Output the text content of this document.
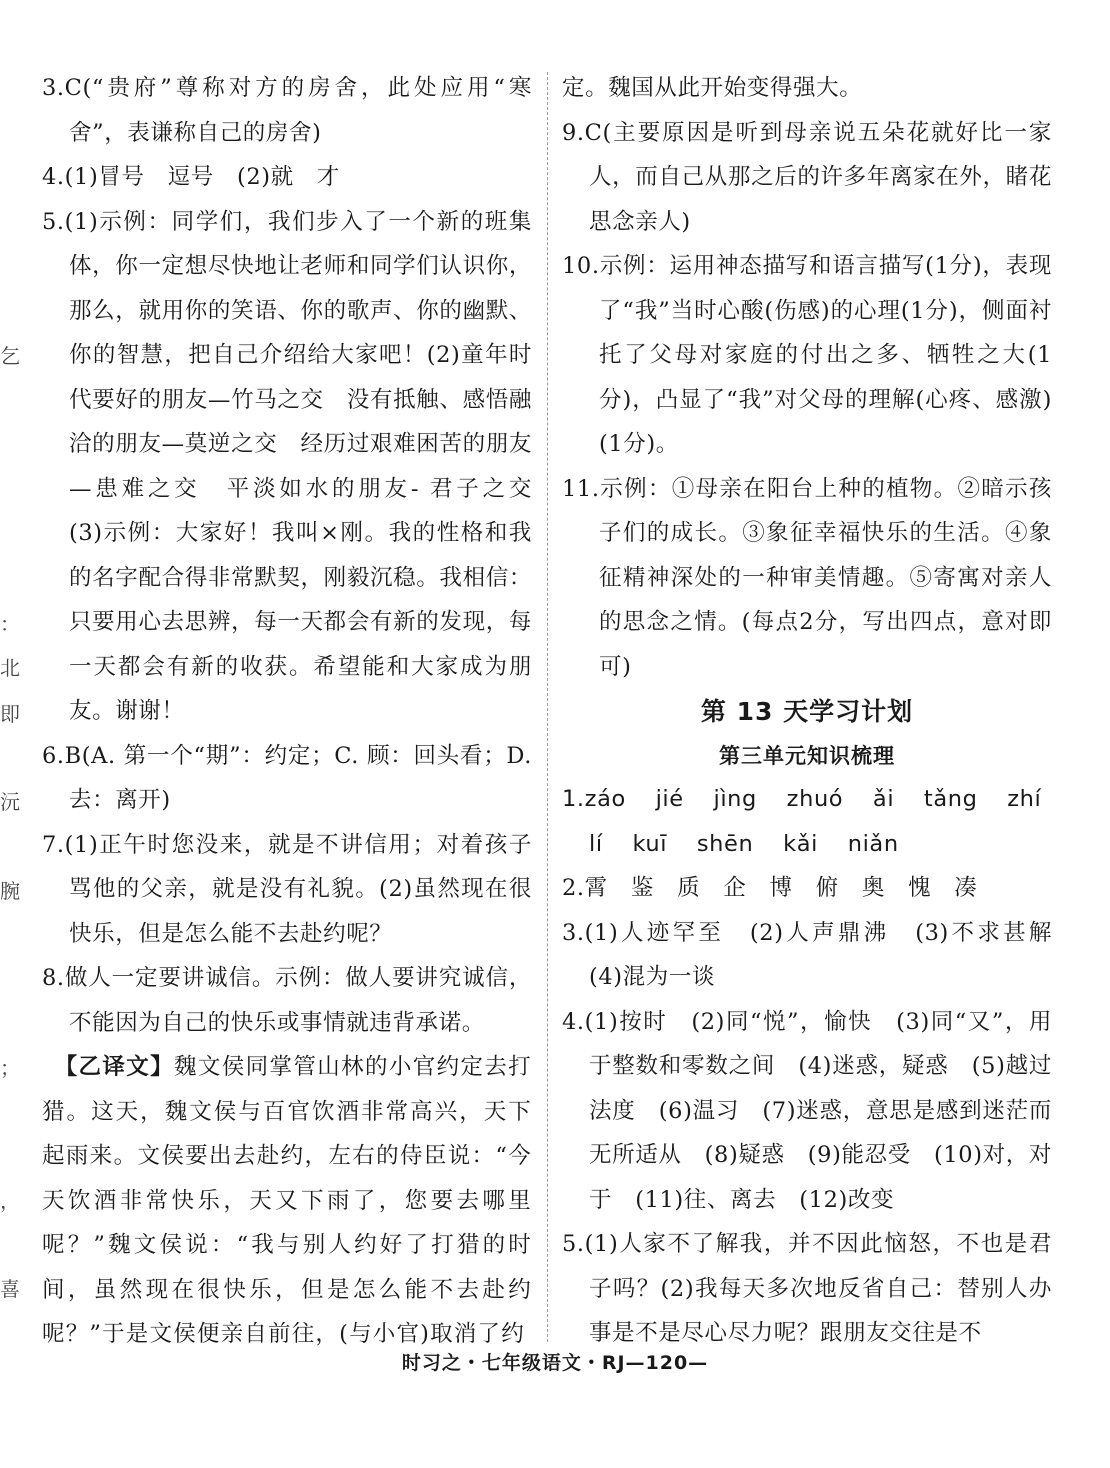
乞
：
北
即
沅
腕
；
，
喜

3.C(“贵府”尊称对方的房舍，此处应用“寒舍”，表谦称自己的房舍)

4.(1)冒号　逗号　(2)就　才

5.(1)示例：同学们，我们步入了一个新的班集体，你一定想尽快地让老师和同学们认识你，那么，就用你的笑语、你的歌声、你的幽默、你的智慧，把自己介绍给大家吧！(2)童年时代要好的朋友—竹马之交　没有抵触、感悟融洽的朋友—莫逆之交　经历过艰难困苦的朋友—患难之交　平淡如水的朋友- 君子之交　(3)示例：大家好！我叫×刚。我的性格和我的名字配合得非常默契，刚毅沉稳。我相信：只要用心去思辨，每一天都会有新的发现，每一天都会有新的收获。希望能和大家成为朋友。谢谢！

6.B(A. 第一个“期”：约定；C. 顾：回头看；D. 去：离开)

7.(1)正午时您没来，就是不讲信用；对着孩子骂他的父亲，就是没有礼貌。(2)虽然现在很快乐，但是怎么能不去赴约呢？

8.做人一定要讲诚信。示例：做人要讲究诚信，不能因为自己的快乐或事情就违背承诺。

　【乙译文】魏文侯同掌管山林的小官约定去打猎。这天，魏文侯与百官饮酒非常高兴，天下起雨来。文侯要出去赴约，左右的侍臣说：“今天饮酒非常快乐，天又下雨了，您要去哪里呢？”魏文侯说：“我与别人约好了打猎的时间，虽然现在很快乐，但是怎么能不去赴约呢？”于是文侯便亲自前往，(与小官)取消了约

定。魏国从此开始变得强大。

9.C(主要原因是听到母亲说五朵花就好比一家人，而自己从那之后的许多年离家在外，睹花思念亲人)

10.示例：运用神态描写和语言描写(1分)，表现了“我”当时心酸(伤感)的心理(1分)，侧面衬托了父母对家庭的付出之多、牺牲之大(1分)，凸显了“我”对父母的理解(心疼、感激)(1分)。

11.示例：①母亲在阳台上种的植物。②暗示孩子们的成长。③象征幸福快乐的生活。④象征精神深处的一种审美情趣。⑤寄寓对亲人的思念之情。(每点2分，写出四点，意对即可)

第 13 天学习计划

第三单元知识梳理

1.záo jié jìng zhuó ǎi tǎng zhí

lí kuī shēn kǎi niǎn

2.霄　鉴　质　企　博　俯　奥　愧　凑

3.(1)人迹罕至　(2)人声鼎沸　(3)不求甚解　(4)混为一谈

4.(1)按时　(2)同“悦”，愉快　(3)同“又”，用于整数和零数之间　(4)迷惑，疑惑　(5)越过　法度　(6)温习　(7)迷惑，意思是感到迷茫而无所适从　(8)疑惑　(9)能忍受　(10)对，对于　(11)往、离去　(12)改变

5.(1)人家不了解我，并不因此恼怒，不也是君子吗？(2)我每天多次地反省自己：替别人办事是不是尽心尽力呢？跟朋友交往是不

时习之・七年级语文・RJ—120—
